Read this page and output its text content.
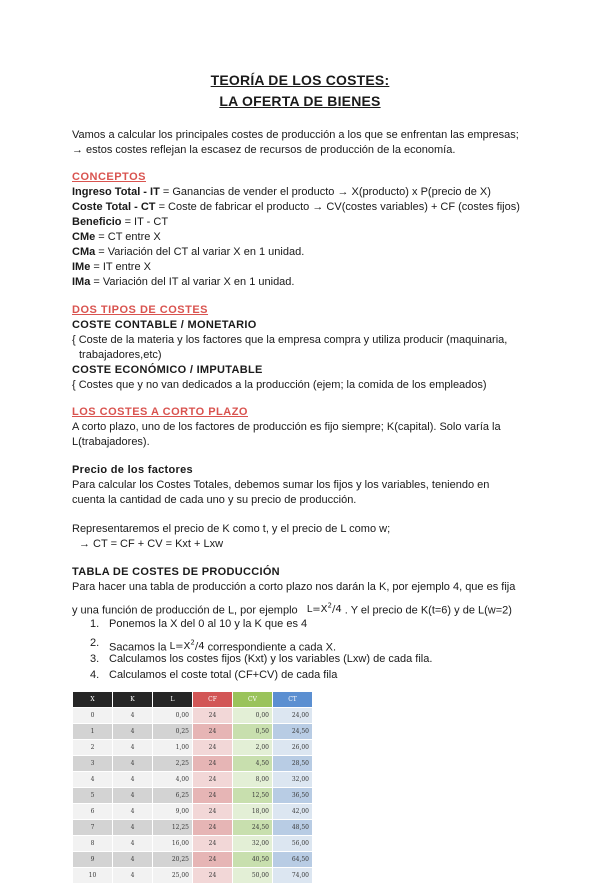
TEORÍA DE LOS COSTES:
LA OFERTA DE BIENES
Vamos a calcular los principales costes de producción a los que se enfrentan las empresas;
→ estos costes reflejan la escasez de recursos de producción de la economía.
CONCEPTOS
Ingreso Total - IT = Ganancias de vender el producto → X(producto) x P(precio de X)
Coste Total - CT = Coste de fabricar el producto → CV(costes variables) + CF (costes fijos)
Beneficio = IT - CT
CMe = CT entre X
CMa = Variación del CT al variar X en 1 unidad.
IMe = IT entre X
IMa = Variación del IT al variar X en 1 unidad.
DOS TIPOS DE COSTES
COSTE CONTABLE / MONETARIO
{ Coste de la materia y los factores que la empresa compra y utiliza producir (maquinaria,
trabajadores,etc)
COSTE ECONÓMICO / IMPUTABLE
{ Costes que y no van dedicados a la producción (ejem; la comida de los empleados)
LOS COSTES A CORTO PLAZO
A corto plazo, uno de los factores de producción es fijo siempre; K(capital). Solo varía la
L(trabajadores).
Precio de los factores
Para calcular los Costes Totales, debemos sumar los fijos y los variables, teniendo en
cuenta la cantidad de cada uno y su precio de producción.
Representaremos el precio de K como t, y el precio de L como w;
→ CT = CF + CV = Kxt + Lxw
TABLA DE COSTES DE PRODUCCIÓN
Para hacer una tabla de producción a corto plazo nos darán la K, por ejemplo 4, que es fija
y una función de producción de L, por ejemplo $L=X^2/4$ . Y el precio de K(t=6) y de L(w=2)
1. Ponemos la X del 0 al 10 y la K que es 4
2. Sacamos la $L=X^2/4$ correspondiente a cada X.
3. Calculamos los costes fijos (Kxt) y los variables (Lxw) de cada fila.
4. Calculamos el coste total (CF+CV) de cada fila
X	K	L	CF	CV	CT
0	4	0,00	24	0,00	24,00
1	4	0,25	24	0,50	24,50
2	4	1,00	24	2,00	26,00
3	4	2,25	24	4,50	28,50
4	4	4,00	24	8,00	32,00
5	4	6,25	24	12,50	36,50
6	4	9,00	24	18,00	42,00
7	4	12,25	24	24,50	48,50
8	4	16,00	24	32,00	56,00
9	4	20,25	24	40,50	64,50
10	4	25,00	24	50,00	74,00
